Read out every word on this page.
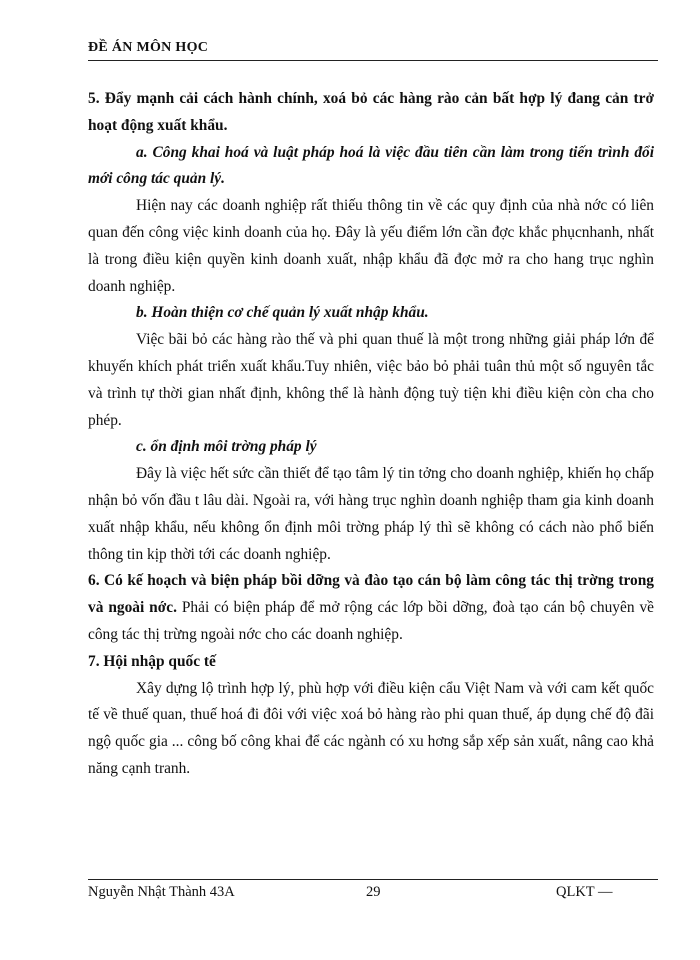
ĐỀ ÁN MÔN HỌC

5. Đẩy mạnh cải cách hành chính, xoá bỏ các hàng rào cản bất hợp lý đang cản trở hoạt động xuất khẩu.

a. Công khai hoá và luật pháp hoá là việc đầu tiên cần làm trong tiến trình đổi mới công tác quản lý.

Hiện nay các doanh nghiệp rất thiếu thông tin về các quy định của nhà nớc có liên quan đến công việc kinh doanh của họ. Đây là yếu điểm lớn cần đợc khắc phụcnhanh, nhất là trong điều kiện quyền kinh doanh xuất, nhập khẩu đã đợc mở ra cho hang trục nghìn doanh nghiệp.

b. Hoàn thiện cơ chế quản lý xuất nhập khẩu.

Việc bãi bỏ các hàng rào thế và phi quan thuế là một trong những giải pháp lớn để khuyến khích phát triển xuất khẩu.Tuy nhiên, việc bảo bỏ phải tuân thủ một số nguyên tắc và trình tự thời gian nhất định, không thể là hành động tuỳ tiện khi điều kiện còn cha cho phép.

c. ổn định môi trờng pháp lý

Đây là việc hết sức cần thiết để tạo tâm lý tin tởng cho doanh nghiệp, khiến họ chấp nhận bỏ vốn đầu t lâu dài. Ngoài ra, với hàng trục nghìn doanh nghiệp tham gia kinh doanh xuất nhập khẩu, nếu không ổn định môi trờng pháp lý thì sẽ không có cách nào phổ biến thông tin kịp thời tới các doanh nghiệp.

6. Có kế hoạch và biện pháp bồi dỡng và đào tạo cán bộ làm công tác thị trờng trong và ngoài nớc. Phải có biện pháp để mở rộng các lớp bồi dỡng, đoà tạo cán bộ chuyên về công tác thị trừng ngoài nớc cho các doanh nghiệp.

7. Hội nhập quốc tế

Xây dựng lộ trình hợp lý, phù hợp với điều kiện cẩu Việt Nam và với cam kết quốc tế về thuế quan, thuế hoá đi đôi với việc xoá bỏ hàng rào phi quan thuế, áp dụng chế độ đãi ngộ quốc gia ... công bố công khai để các ngành có xu hơng sắp xếp sản xuất, nâng cao khả năng cạnh tranh.

Nguyễn Nhật Thành 43A	29	QLKT —
